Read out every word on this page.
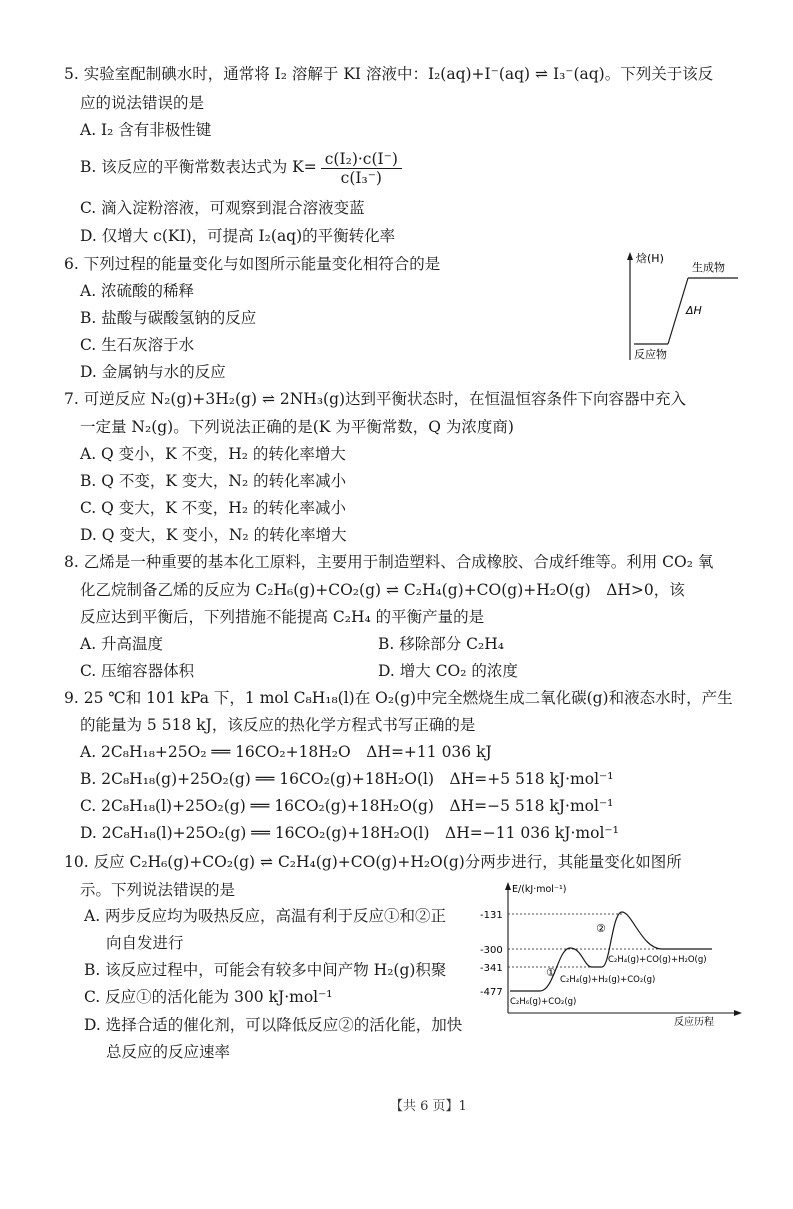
5. 实验室配制碘水时，通常将 I₂ 溶解于 KI 溶液中：I₂(aq)+I⁻(aq) ⇌ I₃⁻(aq)。下列关于该反
应的说法错误的是
A. I₂ 含有非极性键
B. 该反应的平衡常数表达式为 $K= \frac{\text{c(I₂)·c(I⁻)}}{\text{c(I₃⁻)}}$
C. 滴入淀粉溶液，可观察到混合溶液变蓝
D. 仅增大 c(KI)，可提高 I₂(aq)的平衡转化率
6. 下列过程的能量变化与如图所示能量变化相符合的是
A. 浓硫酸的稀释
B. 盐酸与碳酸氢钠的反应
C. 生石灰溶于水
D. 金属钠与水的反应
焓(H)
生成物
反应物
ΔH
7. 可逆反应 N₂(g)+3H₂(g) ⇌ 2NH₃(g)达到平衡状态时，在恒温恒容条件下向容器中充入
一定量 N₂(g)。下列说法正确的是(K 为平衡常数，Q 为浓度商)
A. Q 变小，K 不变，H₂ 的转化率增大
B. Q 不变，K 变大，N₂ 的转化率减小
C. Q 变大，K 不变，H₂ 的转化率减小
D. Q 变大，K 变小，N₂ 的转化率增大
8. 乙烯是一种重要的基本化工原料，主要用于制造塑料、合成橡胶、合成纤维等。利用 CO₂ 氧
化乙烷制备乙烯的反应为 C₂H₆(g)+CO₂(g) ⇌ C₂H₄(g)+CO(g)+H₂O(g)　ΔH>0，该
反应达到平衡后，下列措施不能提高 C₂H₄ 的平衡产量的是
A. 升高温度	B. 移除部分 C₂H₄
C. 压缩容器体积	D. 增大 CO₂ 的浓度
9. 25 ℃和 101 kPa 下，1 mol C₈H₁₈(l)在 O₂(g)中完全燃烧生成二氧化碳(g)和液态水时，产生
的能量为 5 518 kJ，该反应的热化学方程式书写正确的是
A. 2C₈H₁₈+25O₂ ══ 16CO₂+18H₂O　ΔH=+11 036 kJ
B. 2C₈H₁₈(g)+25O₂(g) ══ 16CO₂(g)+18H₂O(l)　ΔH=+5 518 kJ·mol⁻¹
C. 2C₈H₁₈(l)+25O₂(g) ══ 16CO₂(g)+18H₂O(g)　ΔH=−5 518 kJ·mol⁻¹
D. 2C₈H₁₈(l)+25O₂(g) ══ 16CO₂(g)+18H₂O(l)　ΔH=−11 036 kJ·mol⁻¹
10. 反应 C₂H₆(g)+CO₂(g) ⇌ C₂H₄(g)+CO(g)+H₂O(g)分两步进行，其能量变化如图所
示。下列说法错误的是
A. 两步反应均为吸热反应，高温有利于反应①和②正
向自发进行
B. 该反应过程中，可能会有较多中间产物 H₂(g)积聚
C. 反应①的活化能为 300 kJ·mol⁻¹
D. 选择合适的催化剂，可以降低反应②的活化能，加快
总反应的反应速率
E/(kJ·mol⁻¹)
-131
-300
-341
-477
①
②
C₂H₆(g)+CO₂(g)
C₂H₄(g)+H₂(g)+CO₂(g)
C₂H₄(g)+CO(g)+H₂O(g)
反应历程
【共 6 页】1
